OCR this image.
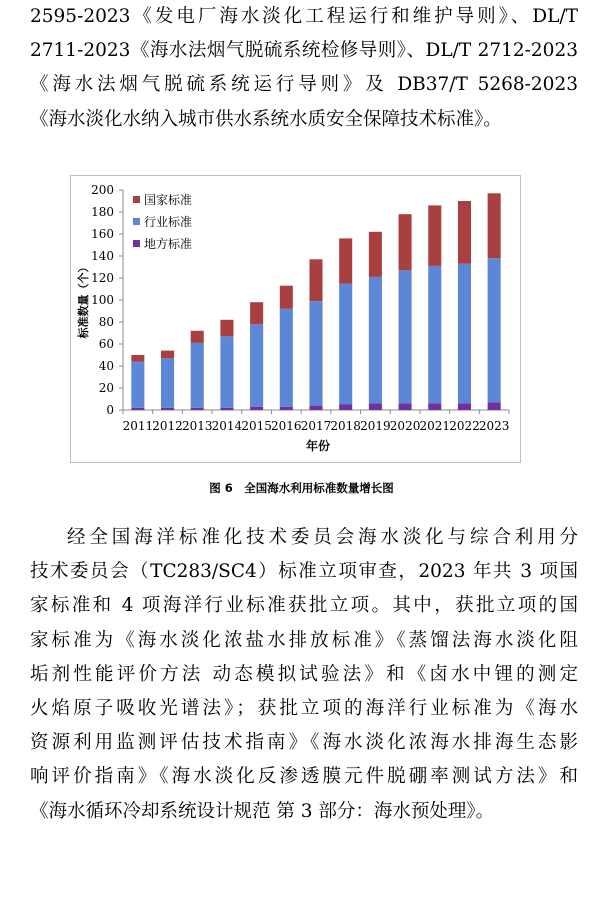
2595-2023《发电厂海水淡化工程运行和维护导则》、DL/T
2711-2023《海水法烟气脱硫系统检修导则》、DL/T 2712-2023
《海水法烟气脱硫系统运行导则》及 DB37/T 5268-2023
《海水淡化水纳入城市供水系统水质安全保障技术标准》。
0
20
40
60
80
100
120
140
160
180
200
2011 2012 2013 2014 2015 2016 2017 2018 2019 2020 2021 2022 2023
年份
标准数量（个）
国家标准
行业标准
地方标准
图 6　全国海水利用标准数量增长图
经全国海洋标准化技术委员会海水淡化与综合利用分
技术委员会（TC283/SC4）标准立项审查，2023 年共 3 项国
家标准和 4 项海洋行业标准获批立项。其中，获批立项的国
家标准为《海水淡化浓盐水排放标准》《蒸馏法海水淡化阻
垢剂性能评价方法 动态模拟试验法》和《卤水中锂的测定
火焰原子吸收光谱法》；获批立项的海洋行业标准为《海水
资源利用监测评估技术指南》《海水淡化浓海水排海生态影
响评价指南》《海水淡化反渗透膜元件脱硼率测试方法》和
《海水循环冷却系统设计规范 第 3 部分：海水预处理》。
